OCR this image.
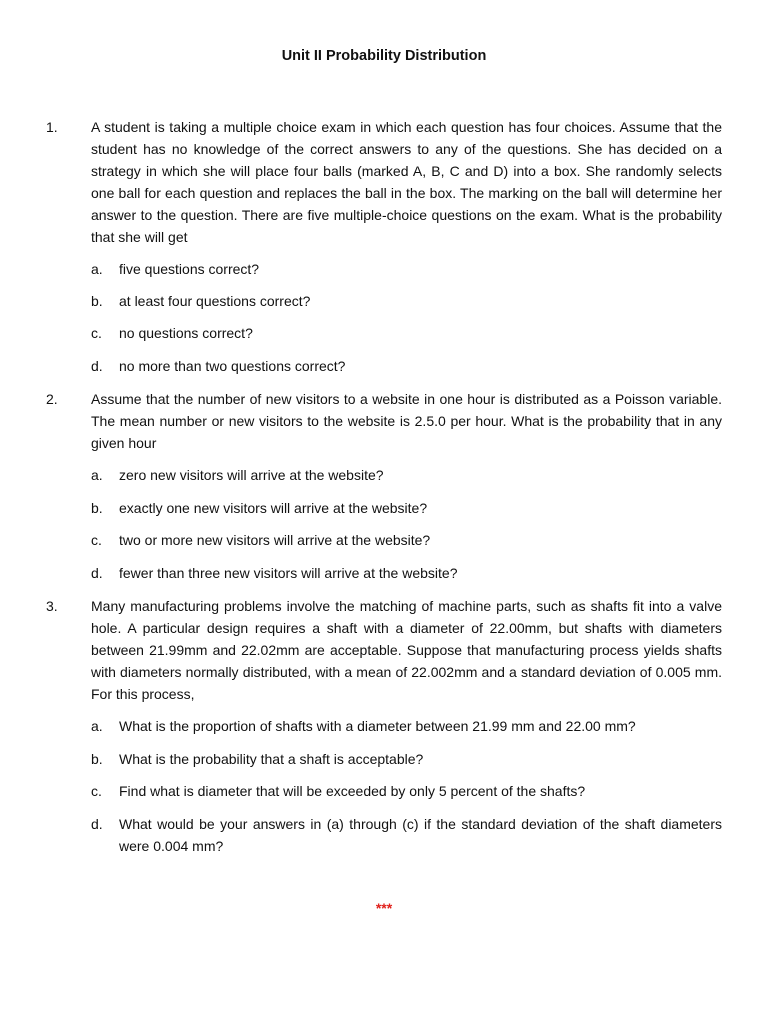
Unit II Probability Distribution
1. A student is taking a multiple choice exam in which each question has four choices. Assume that the student has no knowledge of the correct answers to any of the questions. She has decided on a strategy in which she will place four balls (marked A, B, C and D) into a box. She randomly selects one ball for each question and replaces the ball in the box. The marking on the ball will determine her answer to the question. There are five multiple-choice questions on the exam. What is the probability that she will get
a. five questions correct?
b. at least four questions correct?
c. no questions correct?
d. no more than two questions correct?
2. Assume that the number of new visitors to a website in one hour is distributed as a Poisson variable. The mean number or new visitors to the website is 2.5.0 per hour. What is the probability that in any given hour
a. zero new visitors will arrive at the website?
b. exactly one new visitors will arrive at the website?
c. two or more new visitors will arrive at the website?
d. fewer than three new visitors will arrive at the website?
3. Many manufacturing problems involve the matching of machine parts, such as shafts fit into a valve hole. A particular design requires a shaft with a diameter of 22.00mm, but shafts with diameters between 21.99mm and 22.02mm are acceptable. Suppose that manufacturing process yields shafts with diameters normally distributed, with a mean of 22.002mm and a standard deviation of 0.005 mm. For this process,
a. What is the proportion of shafts with a diameter between 21.99 mm and 22.00 mm?
b. What is the probability that a shaft is acceptable?
c. Find what is diameter that will be exceeded by only 5 percent of the shafts?
d. What would be your answers in (a) through (c) if the standard deviation of the shaft diameters were 0.004 mm?
***
